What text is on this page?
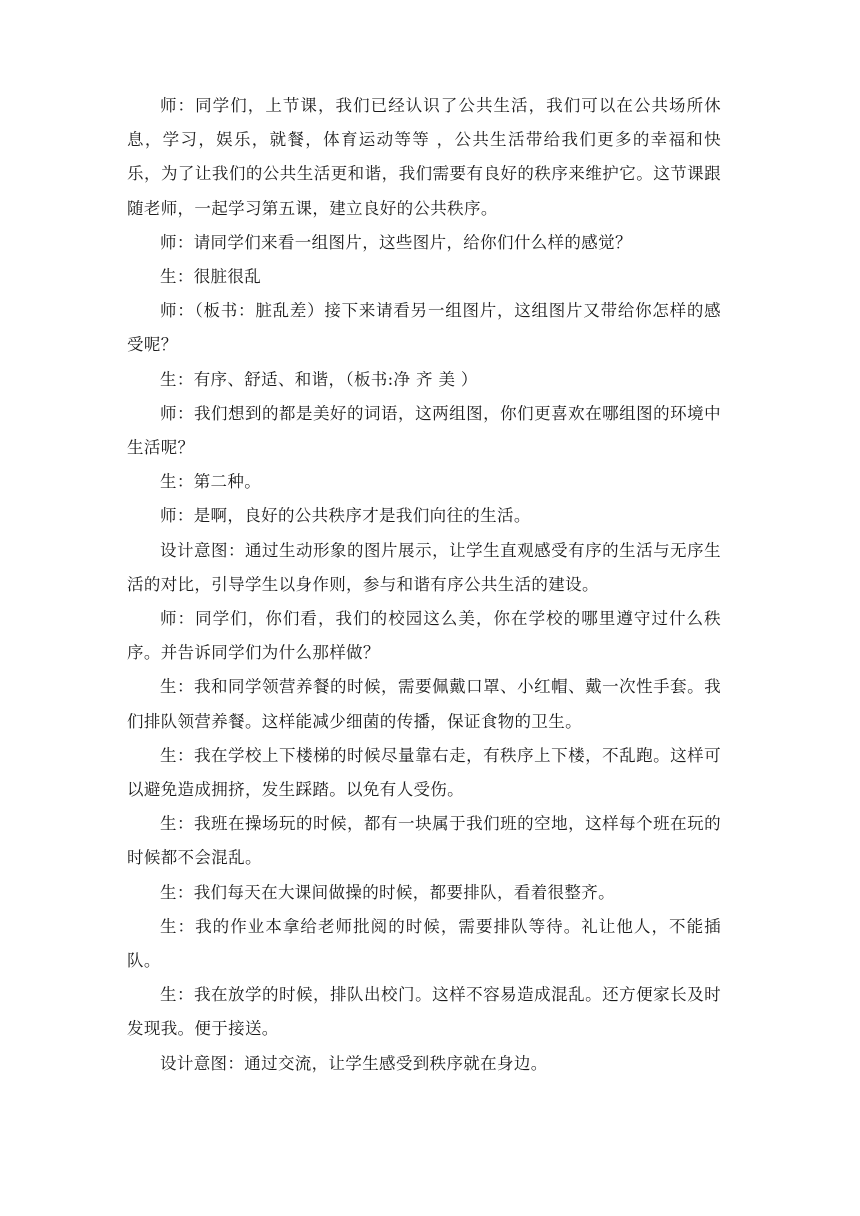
师：同学们，上节课，我们已经认识了公共生活，我们可以在公共场所休息，学习，娱乐，就餐，体育运动等等 ，公共生活带给我们更多的幸福和快乐，为了让我们的公共生活更和谐，我们需要有良好的秩序来维护它。这节课跟随老师，一起学习第五课，建立良好的公共秩序。

师：请同学们来看一组图片，这些图片，给你们什么样的感觉？

生：很脏很乱

师：（板书：脏乱差）接下来请看另一组图片，这组图片又带给你怎样的感受呢？

生：有序、舒适、和谐，（板书:净 齐 美 ）

师：我们想到的都是美好的词语，这两组图，你们更喜欢在哪组图的环境中生活呢？

生：第二种。

师：是啊，良好的公共秩序才是我们向往的生活。

设计意图：通过生动形象的图片展示，让学生直观感受有序的生活与无序生活的对比，引导学生以身作则，参与和谐有序公共生活的建设。

师：同学们，你们看，我们的校园这么美，你在学校的哪里遵守过什么秩序。并告诉同学们为什么那样做？

生：我和同学领营养餐的时候，需要佩戴口罩、小红帽、戴一次性手套。我们排队领营养餐。这样能减少细菌的传播，保证食物的卫生。

生：我在学校上下楼梯的时候尽量靠右走，有秩序上下楼，不乱跑。这样可以避免造成拥挤，发生踩踏。以免有人受伤。

生：我班在操场玩的时候，都有一块属于我们班的空地，这样每个班在玩的时候都不会混乱。

生：我们每天在大课间做操的时候，都要排队，看着很整齐。

生：我的作业本拿给老师批阅的时候，需要排队等待。礼让他人，不能插队。

生：我在放学的时候，排队出校门。这样不容易造成混乱。还方便家长及时发现我。便于接送。

设计意图：通过交流，让学生感受到秩序就在身边。
